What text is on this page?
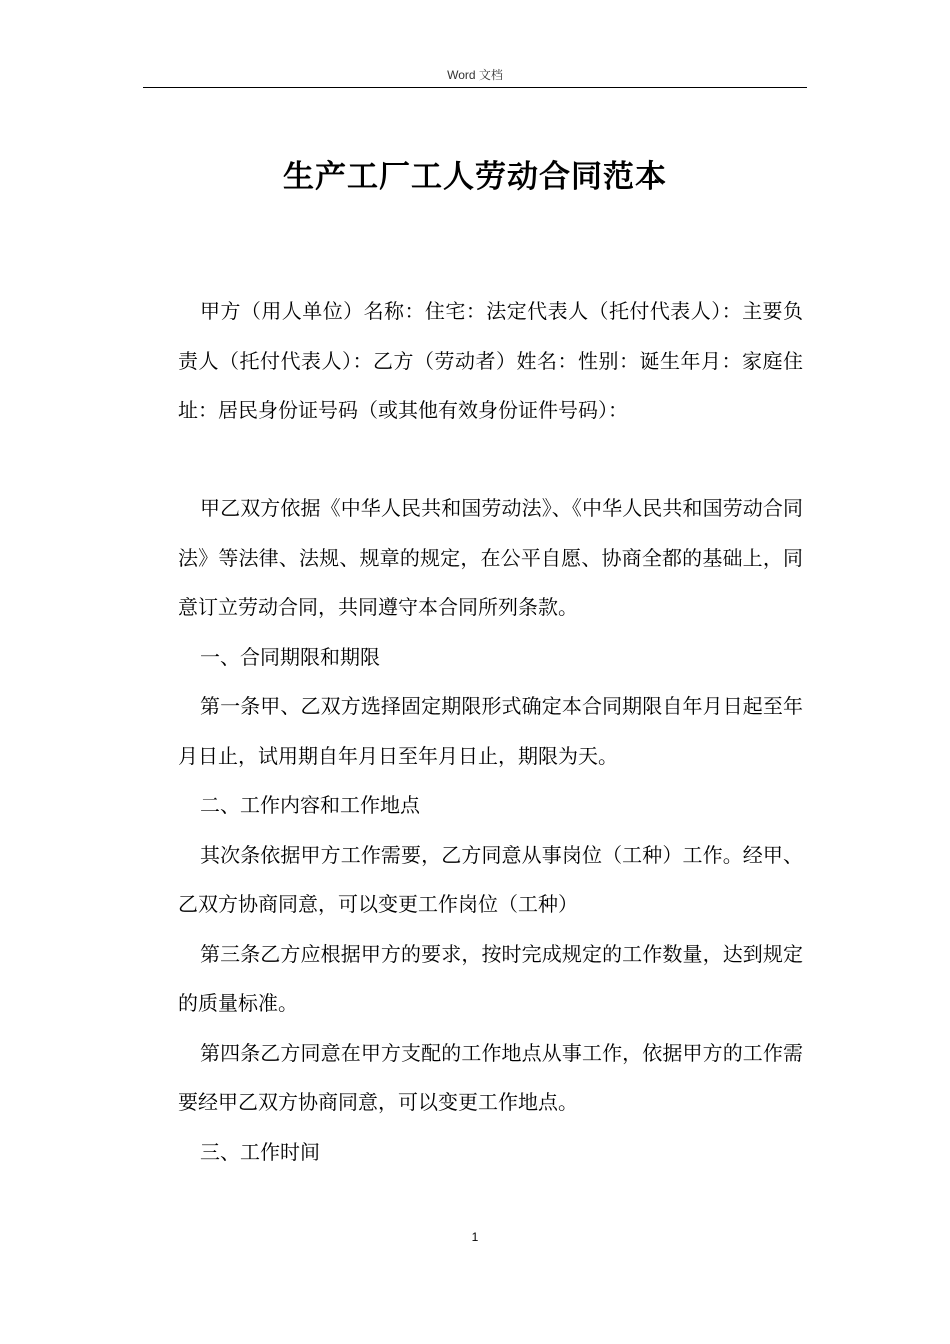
Word 文档
生产工厂工人劳动合同范本

甲方（用人单位）名称：住宅：法定代表人（托付代表人）：主要负责人（托付代表人）：乙方（劳动者）姓名：性别：诞生年月：家庭住址：居民身份证号码（或其他有效身份证件号码）：

甲乙双方依据《中华人民共和国劳动法》、《中华人民共和国劳动合同法》等法律、法规、规章的规定，在公平自愿、协商全都的基础上，同意订立劳动合同，共同遵守本合同所列条款。

一、合同期限和期限

第一条甲、乙双方选择固定期限形式确定本合同期限自年月日起至年月日止，试用期自年月日至年月日止，期限为天。

二、工作内容和工作地点

其次条依据甲方工作需要，乙方同意从事岗位（工种）工作。经甲、乙双方协商同意，可以变更工作岗位（工种）

第三条乙方应根据甲方的要求，按时完成规定的工作数量，达到规定的质量标准。

第四条乙方同意在甲方支配的工作地点从事工作，依据甲方的工作需要经甲乙双方协商同意，可以变更工作地点。

三、工作时间

1
